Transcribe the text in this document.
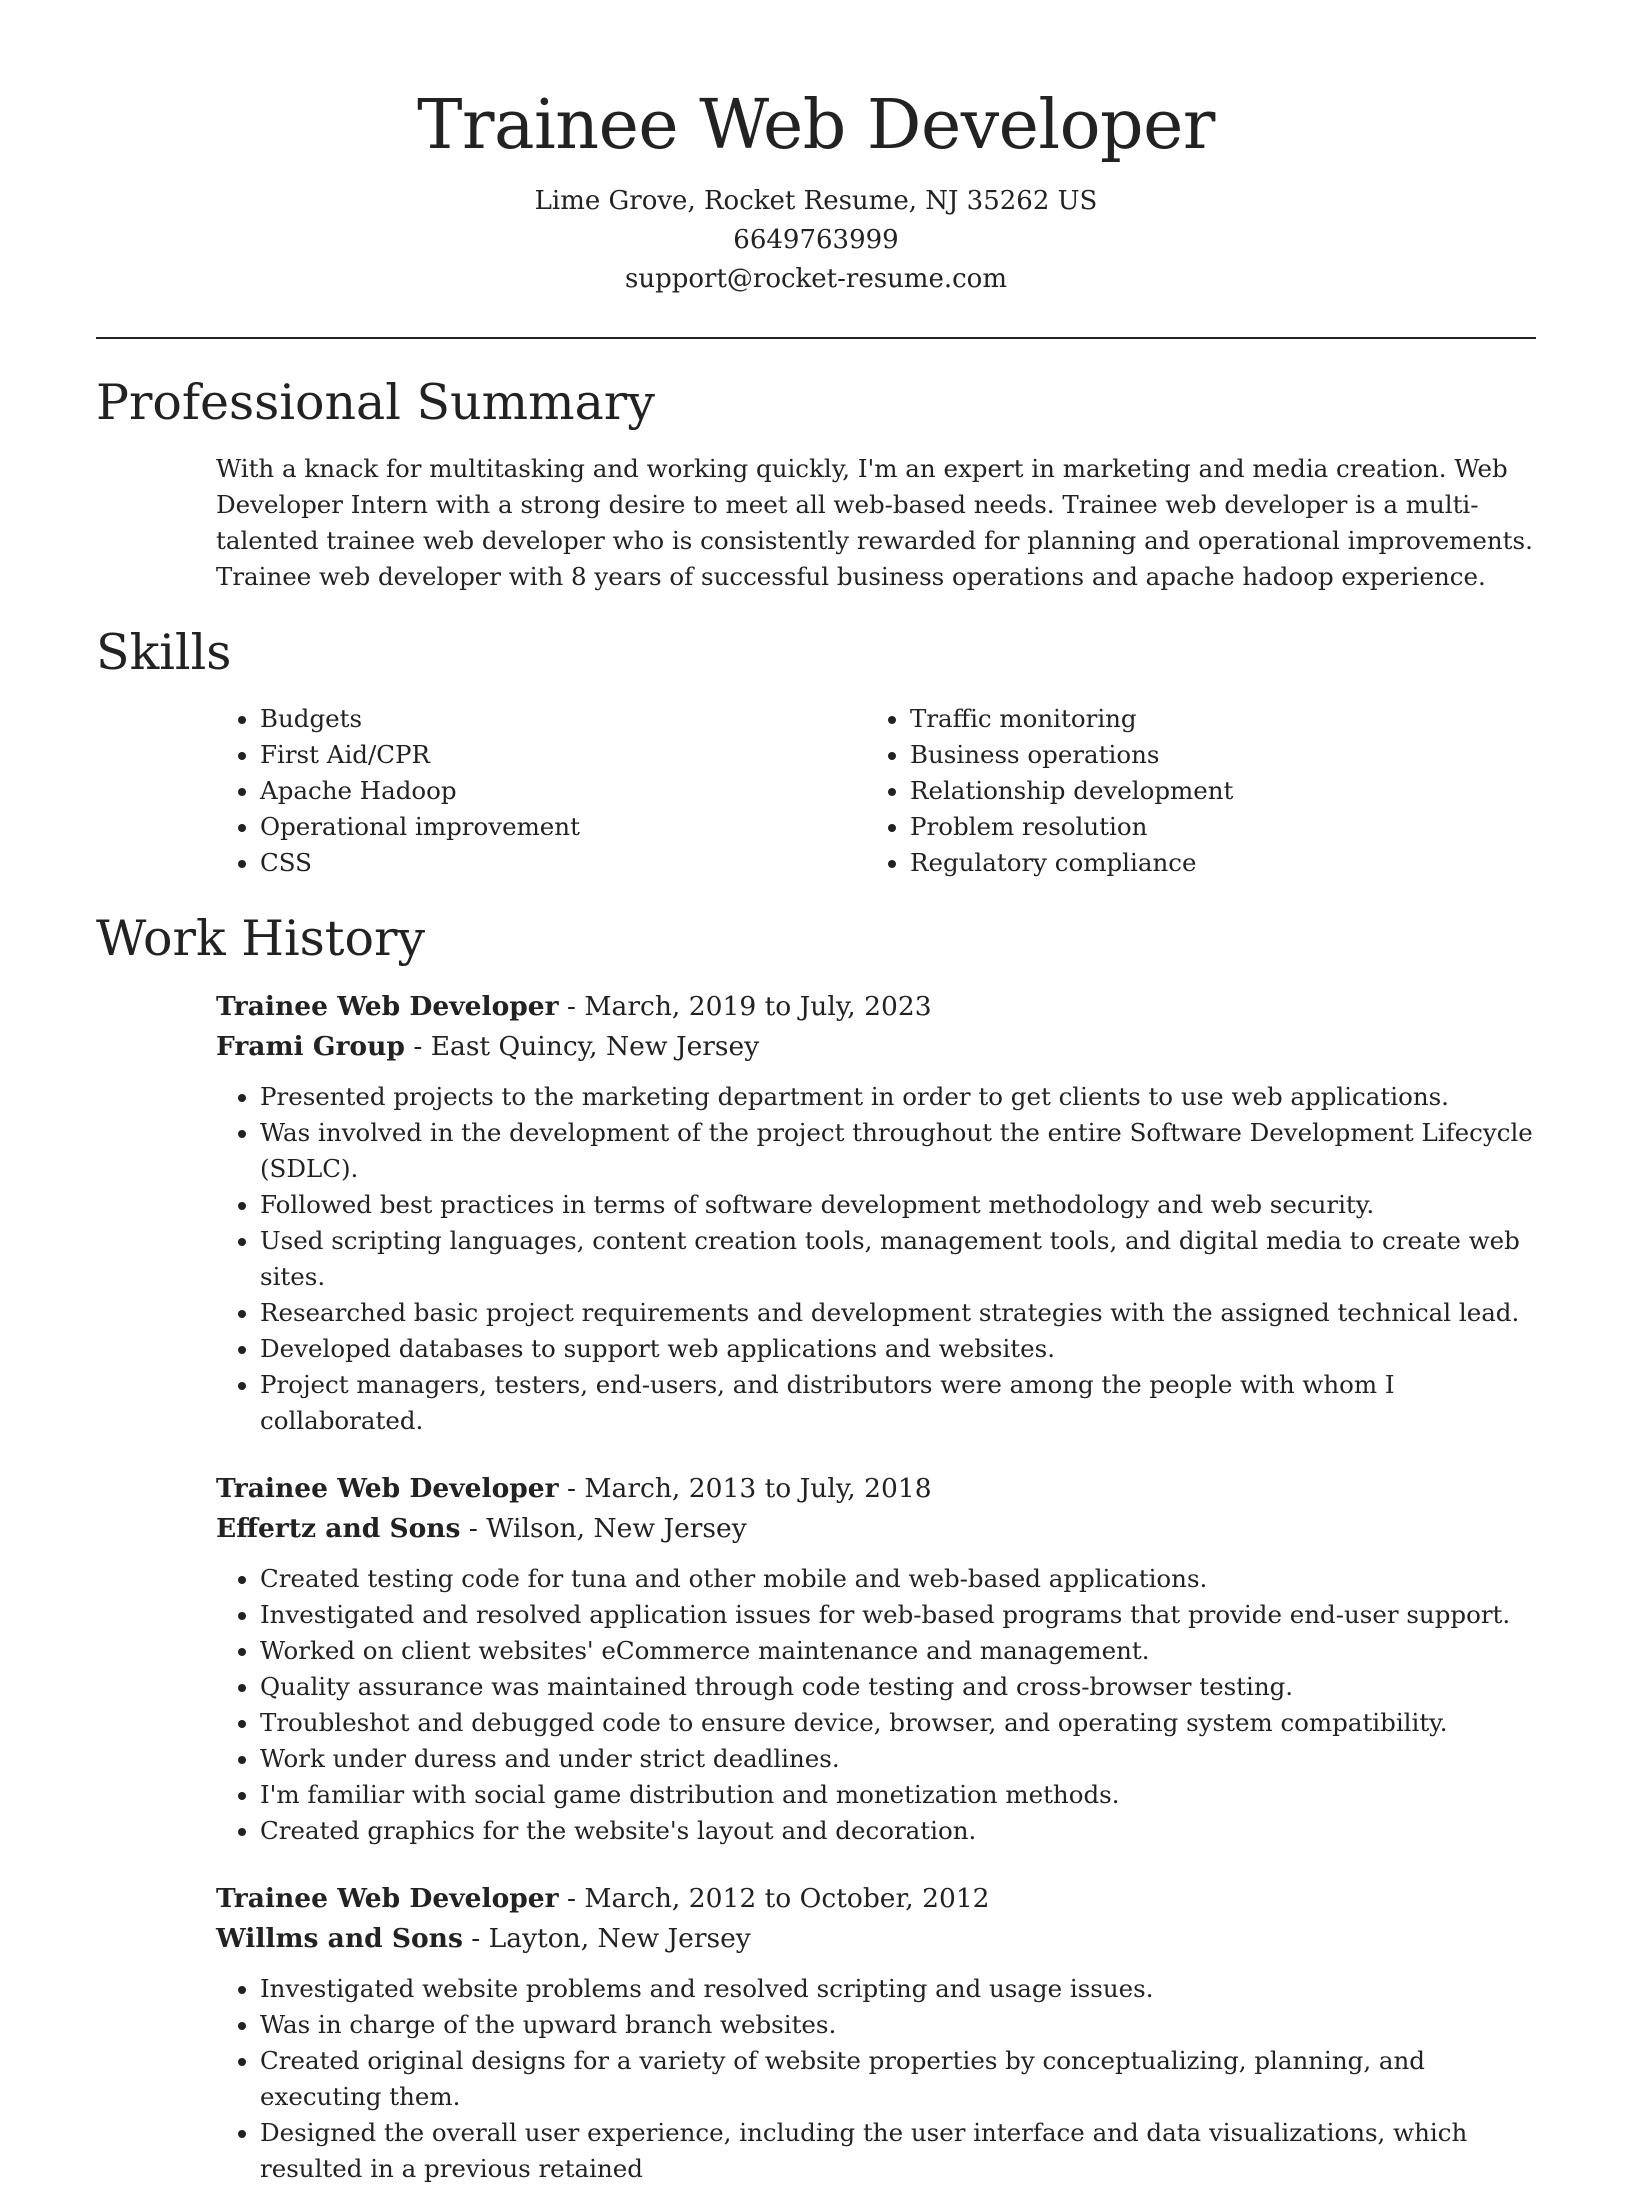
Trainee Web Developer

Lime Grove, Rocket Resume, NJ 35262 US

6649763999

support@rocket-resume.com

Professional Summary

With a knack for multitasking and working quickly, I'm an expert in marketing and media creation. Web Developer Intern with a strong desire to meet all web-based needs. Trainee web developer is a multi-talented trainee web developer who is consistently rewarded for planning and operational improvements. Trainee web developer with 8 years of successful business operations and apache hadoop experience.

Skills
• Budgets
• First Aid/CPR
• Apache Hadoop
• Operational improvement
• CSS
• Traffic monitoring
• Business operations
• Relationship development
• Problem resolution
• Regulatory compliance
Work History

Trainee Web Developer - March, 2019 to July, 2023

Frami Group - East Quincy, New Jersey

• Presented projects to the marketing department in order to get clients to use web applications.
• Was involved in the development of the project throughout the entire Software Development Lifecycle (SDLC).
• Followed best practices in terms of software development methodology and web security.
• Used scripting languages, content creation tools, management tools, and digital media to create web sites.
• Researched basic project requirements and development strategies with the assigned technical lead.
• Developed databases to support web applications and websites.
• Project managers, testers, end-users, and distributors were among the people with whom I collaborated.

Trainee Web Developer - March, 2013 to July, 2018

Effertz and Sons - Wilson, New Jersey

• Created testing code for tuna and other mobile and web-based applications.
• Investigated and resolved application issues for web-based programs that provide end-user support.
• Worked on client websites' eCommerce maintenance and management.
• Quality assurance was maintained through code testing and cross-browser testing.
• Troubleshot and debugged code to ensure device, browser, and operating system compatibility.
• Work under duress and under strict deadlines.
• I'm familiar with social game distribution and monetization methods.
• Created graphics for the website's layout and decoration.

Trainee Web Developer - March, 2012 to October, 2012

Willms and Sons - Layton, New Jersey

• Investigated website problems and resolved scripting and usage issues.
• Was in charge of the upward branch websites.
• Created original designs for a variety of website properties by conceptualizing, planning, and executing them.
• Designed the overall user experience, including the user interface and data visualizations, which resulted in a previous retained
